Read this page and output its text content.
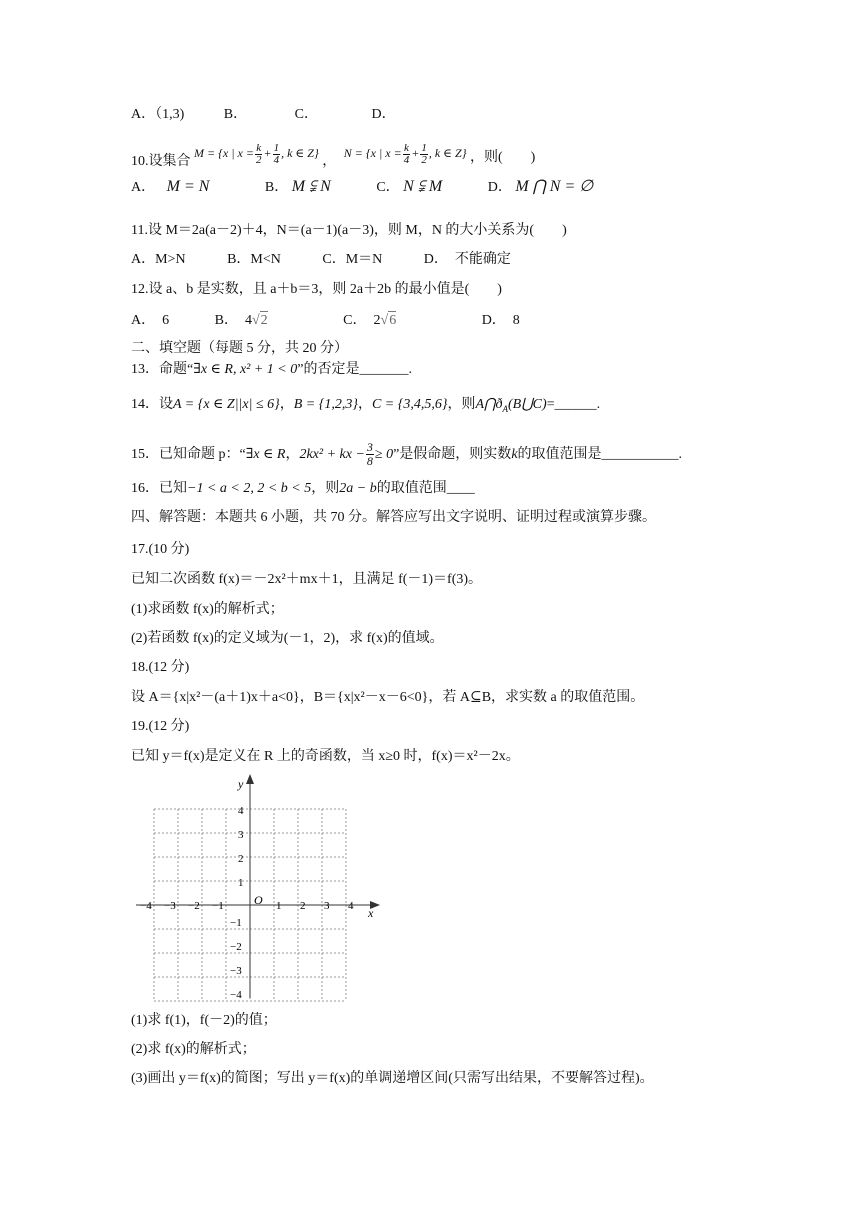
A．（1,3)	B．	C．	D．
10.设集合 M = {x | $x = \frac{k}{2} + \frac{1}{4}$ , k ∈ Z} ， N = {x | $x = \frac{k}{4} + \frac{1}{2}$ , k ∈ Z} ，则(　　)
A． M = N	B． M ⫋ N	C． N ⫋ M	D． M ⋂ N = ∅
11.设 M＝2a(a－2)＋4，N＝(a－1)(a－3)，则 M，N 的大小关系为(　　)
A．M>N	B．M<N	C．M＝N	D．　不能确定
12.设 a、b 是实数，且 a＋b＝3，则 2a＋2b 的最小值是(　　)
A．　6	B．　4√2	C．　2√6	D．　8
二、填空题（每题 5 分，共 20 分）
13．命题“∃x ∈ R, x² + 1 < 0”的否定是_______.
14．设A = {x ∈ Z||x| ≤ 6}，B = {1,2,3}，C = {3,4,5,6}，则$A⋂ð_A(B⋃C)=\_\_\_\_\_\_$.
15．已知命题 p：“∃x ∈ R，2kx² + kx − $\frac{3}{8} \ge 0$”是假命题，则实数k的取值范围是___________.
16．已知−1 < a < 2, 2 < b < 5，则2a − b的取值范围____
四、解答题：本题共 6 小题，共 70 分。解答应写出文字说明、证明过程或演算步骤。
17.(10 分)
已知二次函数 f(x)＝－2x²＋mx＋1，且满足 f(－1)＝f(3)。
(1)求函数 f(x)的解析式；
(2)若函数 f(x)的定义域为(－1，2)，求 f(x)的值域。
18.(12 分)
设 A＝{x|x²－(a＋1)x＋a<0}，B＝{x|x²－x－6<0}，若 A⊆B，求实数 a 的取值范围。
19.(12 分)
已知 y＝f(x)是定义在 R 上的奇函数，当 x≥0 时，f(x)＝x²－2x。
y
x
O
−4 −3 −2 −1	1 2 3 4
4
3
2
1
−1
−2
−3
−4
(1)求 f(1)，f(－2)的值；
(2)求 f(x)的解析式；
(3)画出 y＝f(x)的简图；写出 y＝f(x)的单调递增区间(只需写出结果，不要解答过程)。
